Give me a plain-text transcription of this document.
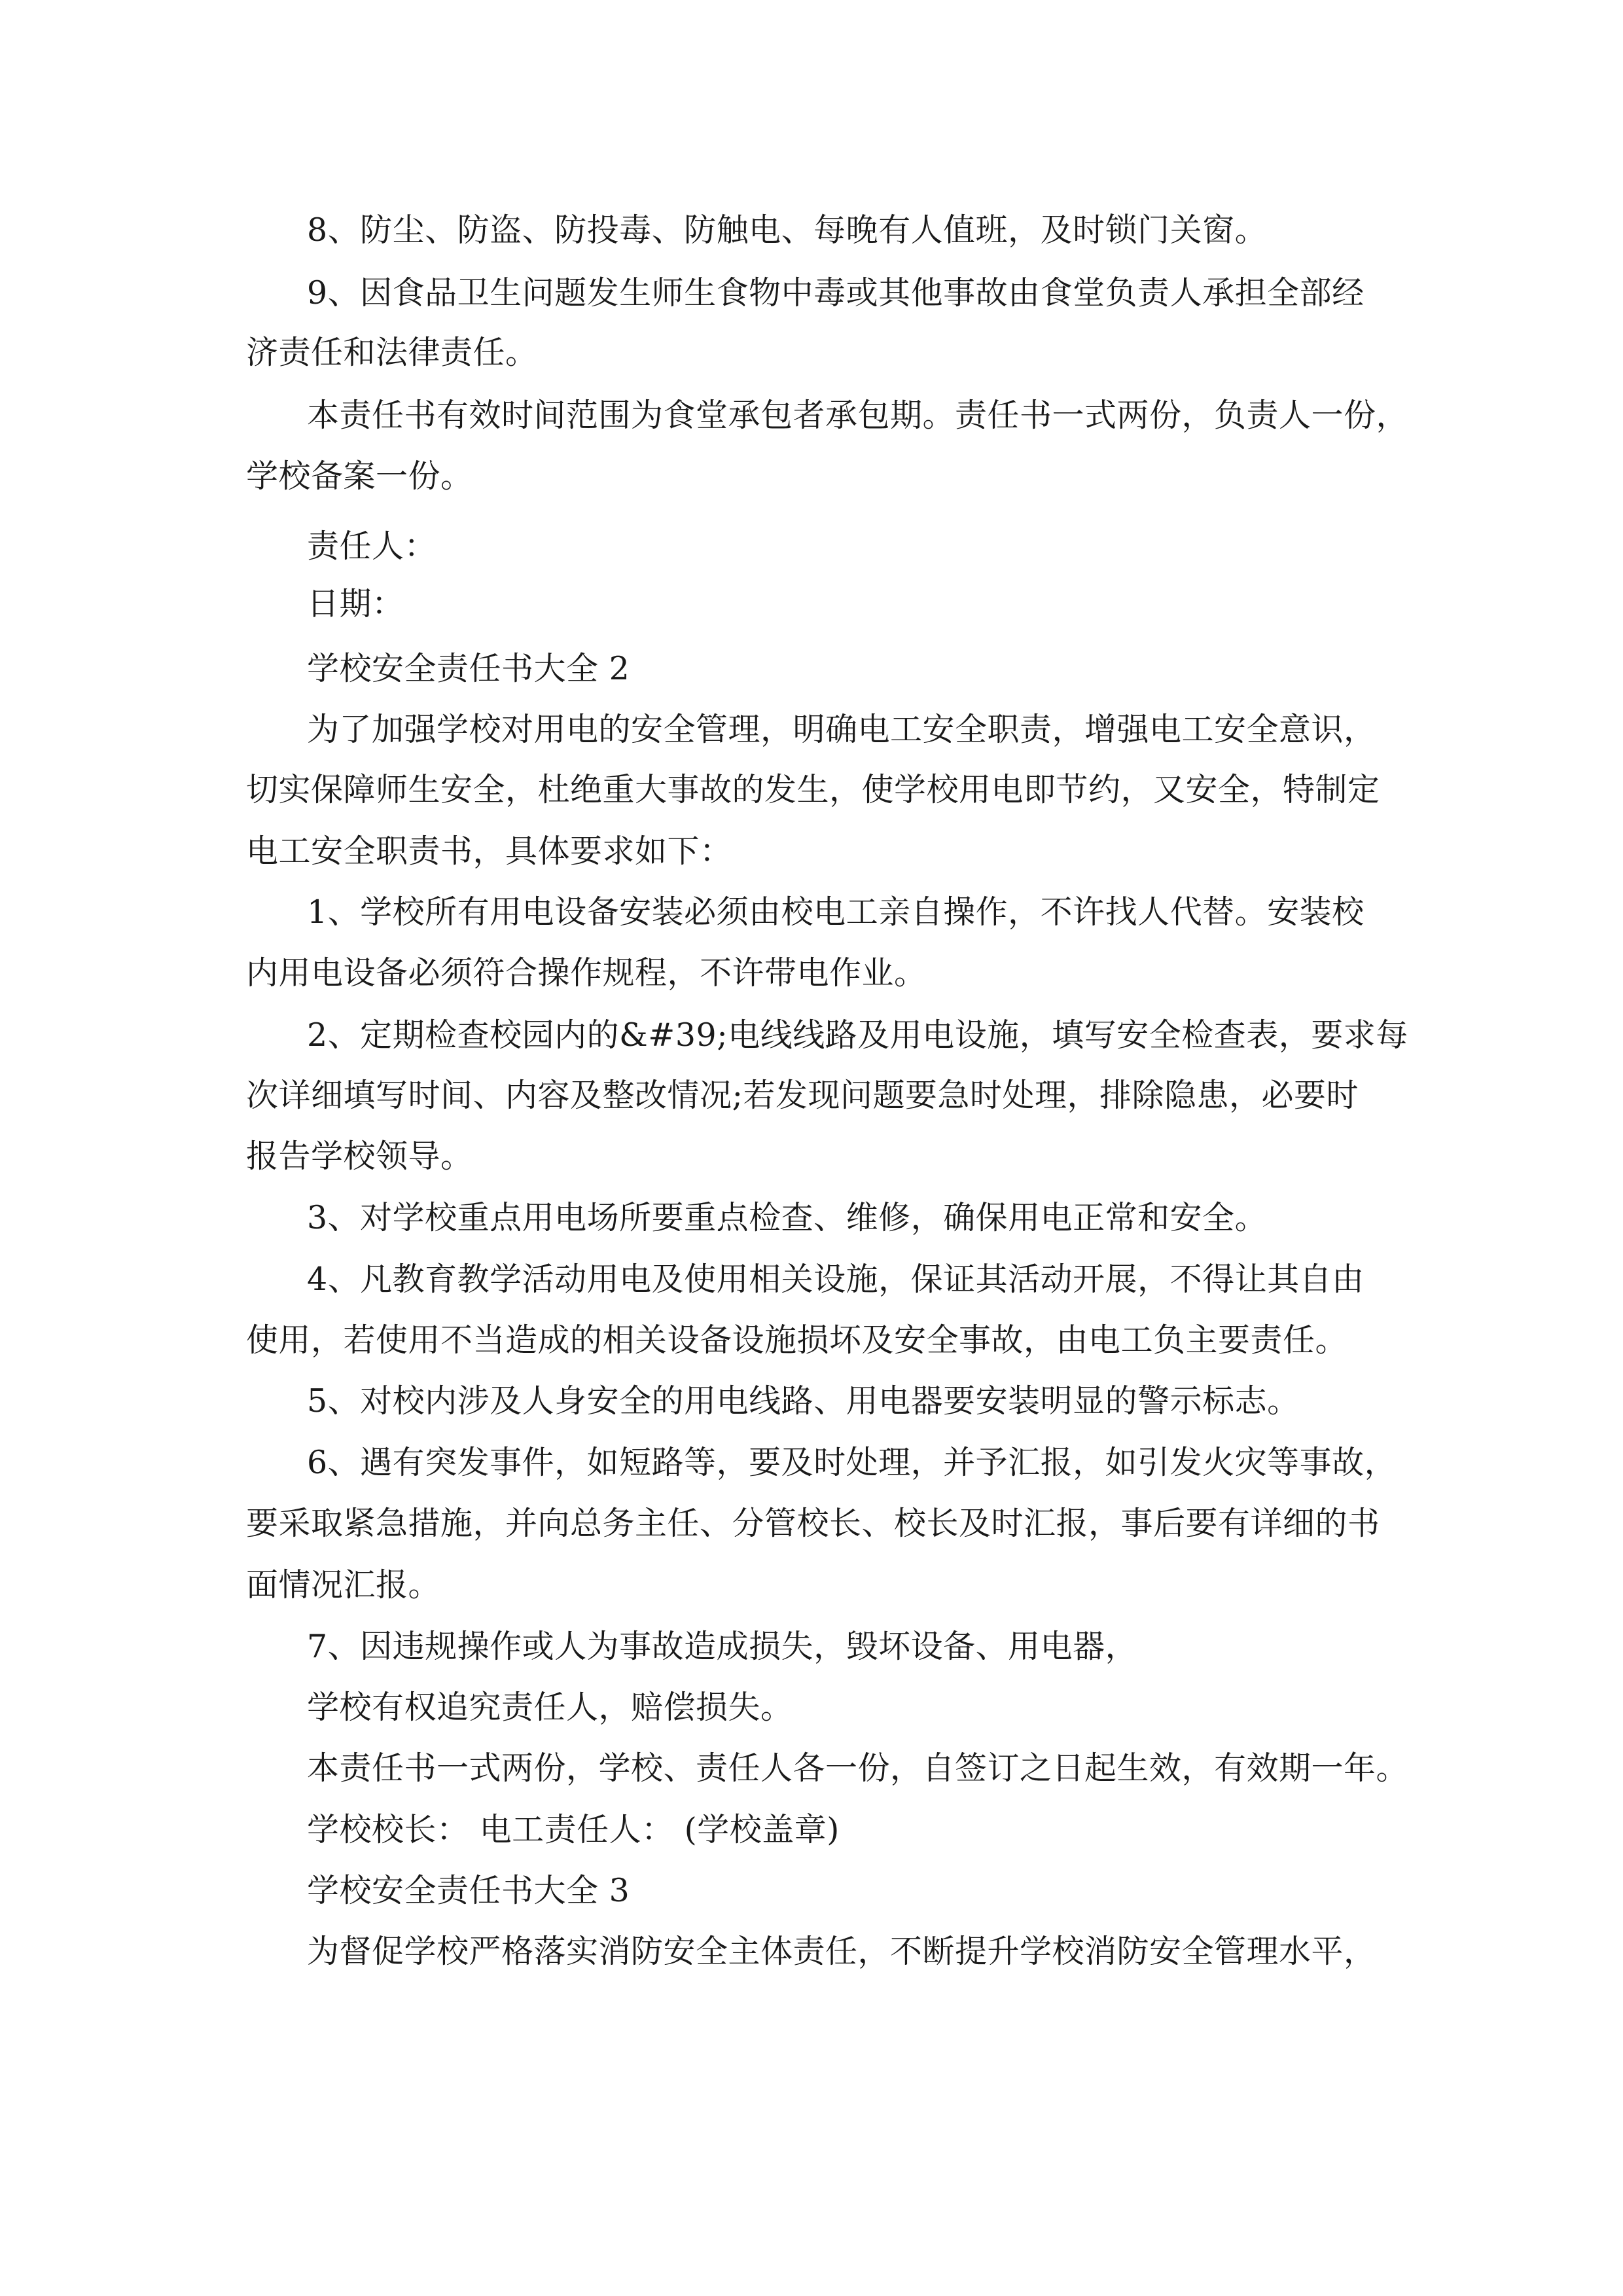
8、防尘、防盗、防投毒、防触电、每晚有人值班，及时锁门关窗。
9、因食品卫生问题发生师生食物中毒或其他事故由食堂负责人承担全部经
济责任和法律责任。
本责任书有效时间范围为食堂承包者承包期。责任书一式两份，负责人一份，
学校备案一份。
责任人：
日期：
学校安全责任书大全 2
为了加强学校对用电的安全管理，明确电工安全职责，增强电工安全意识，
切实保障师生安全，杜绝重大事故的发生，使学校用电即节约，又安全，特制定
电工安全职责书，具体要求如下：
1、学校所有用电设备安装必须由校电工亲自操作，不许找人代替。安装校
内用电设备必须符合操作规程，不许带电作业。
2、定期检查校园内的&#39;电线线路及用电设施，填写安全检查表，要求每
次详细填写时间、内容及整改情况;若发现问题要急时处理，排除隐患，必要时
报告学校领导。
3、对学校重点用电场所要重点检查、维修，确保用电正常和安全。
4、凡教育教学活动用电及使用相关设施，保证其活动开展，不得让其自由
使用，若使用不当造成的相关设备设施损坏及安全事故，由电工负主要责任。
5、对校内涉及人身安全的用电线路、用电器要安装明显的警示标志。
6、遇有突发事件，如短路等，要及时处理，并予汇报，如引发火灾等事故，
要采取紧急措施，并向总务主任、分管校长、校长及时汇报，事后要有详细的书
面情况汇报。
7、因违规操作或人为事故造成损失，毁坏设备、用电器，
学校有权追究责任人，赔偿损失。
本责任书一式两份，学校、责任人各一份，自签订之日起生效，有效期一年。
学校校长： 电工责任人： (学校盖章)
学校安全责任书大全 3
为督促学校严格落实消防安全主体责任，不断提升学校消防安全管理水平，
